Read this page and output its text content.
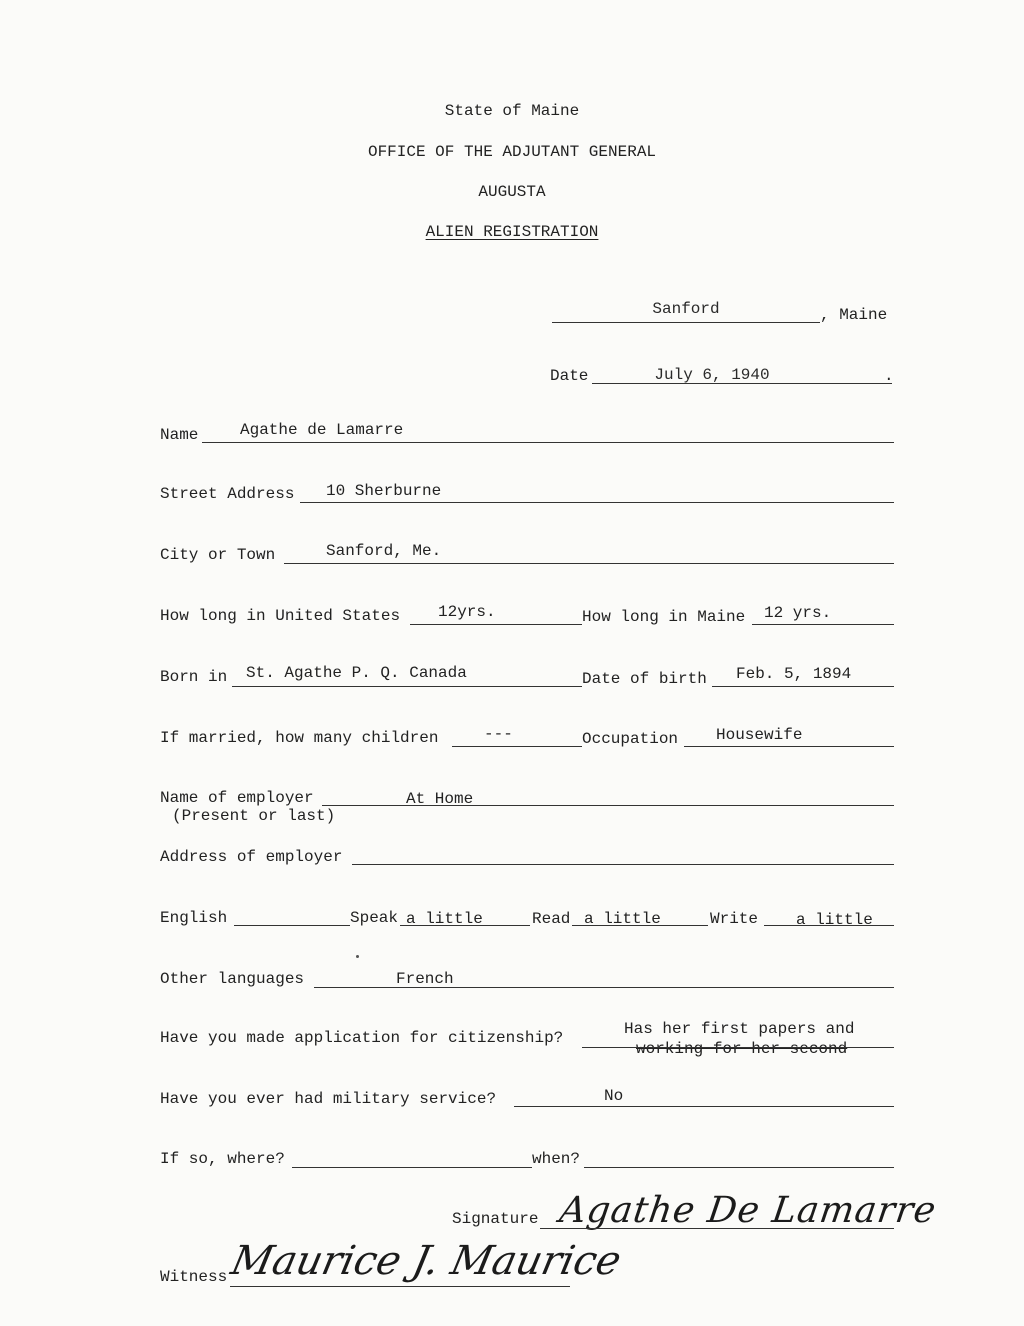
State of Maine
OFFICE OF THE ADJUTANT GENERAL
AUGUSTA
ALIEN REGISTRATION
Sanford	, Maine
Date	July 6, 1940	.
Name	Agathe de Lamarre
Street Address 10 Sherburne
City or Town	Sanford, Me.
How long in United States 12yrs.	How long in Maine 12 yrs.
Born in St. Agathe P. Q. Canada	Date of birth Feb. 5, 1894
If married, how many children	---	Occupation Housewife
Name of employer
(Present or last)
At Home
Address of employer
English	Speak a little	Read a little	Write a little
Other languages	French
Have you made application for citizenship?	Has her first papers and
working for her second
Have you ever had military service?	No
If so, where?	when?
Signature Agathe De Lamarre
Witness Maurice J. Maurice
